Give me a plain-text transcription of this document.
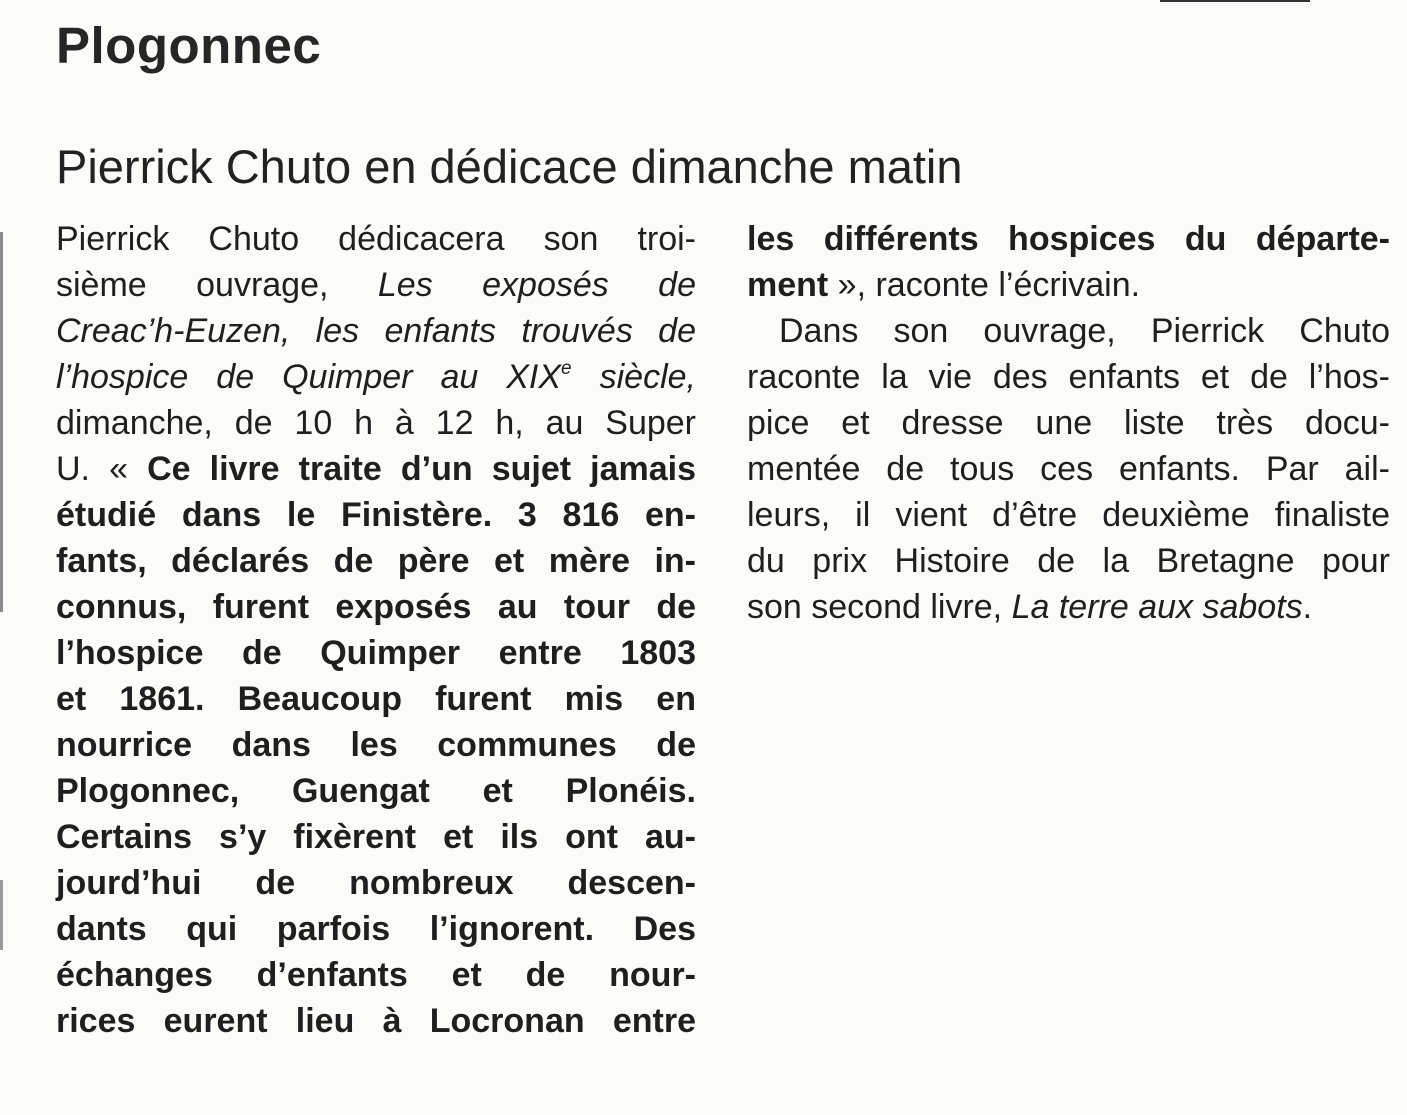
Plogonnec
Pierrick Chuto en dédicace dimanche matin
Pierrick Chuto dédicacera son troi-
sième ouvrage, Les exposés de
Creac’h-Euzen, les enfants trouvés de
l’hospice de Quimper au XIXe siècle,
dimanche, de 10 h à 12 h, au Super
U. « Ce livre traite d’un sujet jamais
étudié dans le Finistère. 3 816 en-
fants, déclarés de père et mère in-
connus, furent exposés au tour de
l’hospice de Quimper entre 1803
et 1861. Beaucoup furent mis en
nourrice dans les communes de
Plogonnec, Guengat et Plonéis.
Certains s’y fixèrent et ils ont au-
jourd’hui de nombreux descen-
dants qui parfois l’ignorent. Des
échanges d’enfants et de nour-
rices eurent lieu à Locronan entre
les différents hospices du départe-
ment », raconte l’écrivain.
Dans son ouvrage, Pierrick Chuto
raconte la vie des enfants et de l’hos-
pice et dresse une liste très docu-
mentée de tous ces enfants. Par ail-
leurs, il vient d’être deuxième finaliste
du prix Histoire de la Bretagne pour
son second livre, La terre aux sabots.
